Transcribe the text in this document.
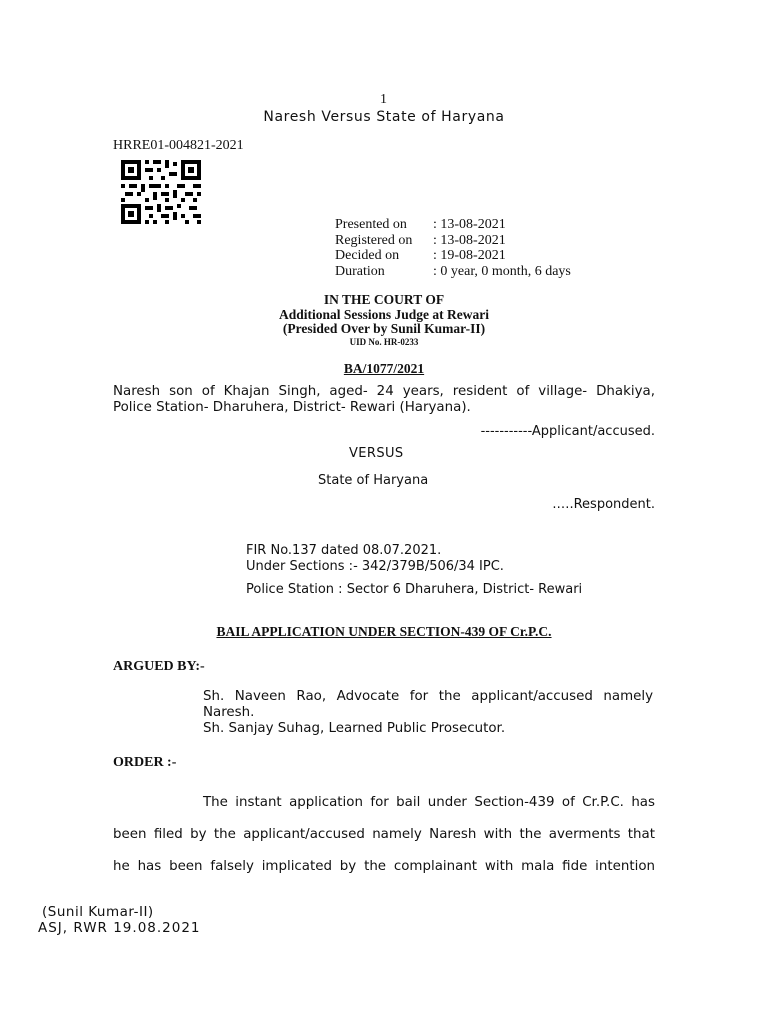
1
Naresh Versus State of Haryana
HRRE01-004821-2021
Presented on : 13-08-2021
Registered on : 13-08-2021
Decided on : 19-08-2021
Duration	: 0 year, 0 month, 6 days
IN THE COURT OF
Additional Sessions Judge at Rewari
(Presided Over by Sunil Kumar-II)
UID No. HR-0233
BA/1077/2021
Naresh son of Khajan Singh, aged- 24 years, resident of village- Dhakiya,
Police Station- Dharuhera, District- Rewari (Haryana).
-----------Applicant/accused.
VERSUS
State of Haryana
.….Respondent.
FIR No.137 dated 08.07.2021.
Under Sections :- 342/379B/506/34 IPC.
Police Station : Sector 6 Dharuhera, District- Rewari
BAIL APPLICATION UNDER SECTION-439 OF Cr.P.C.
ARGUED BY:-
Sh. Naveen Rao, Advocate for the applicant/accused namely
Naresh.
Sh. Sanjay Suhag, Learned Public Prosecutor.
ORDER :-
The instant application for bail under Section-439 of Cr.P.C. has
been filed by the applicant/accused namely Naresh with the averments that
he has been falsely implicated by the complainant with mala fide intention
(Sunil Kumar-II)
ASJ, RWR 19.08.2021
